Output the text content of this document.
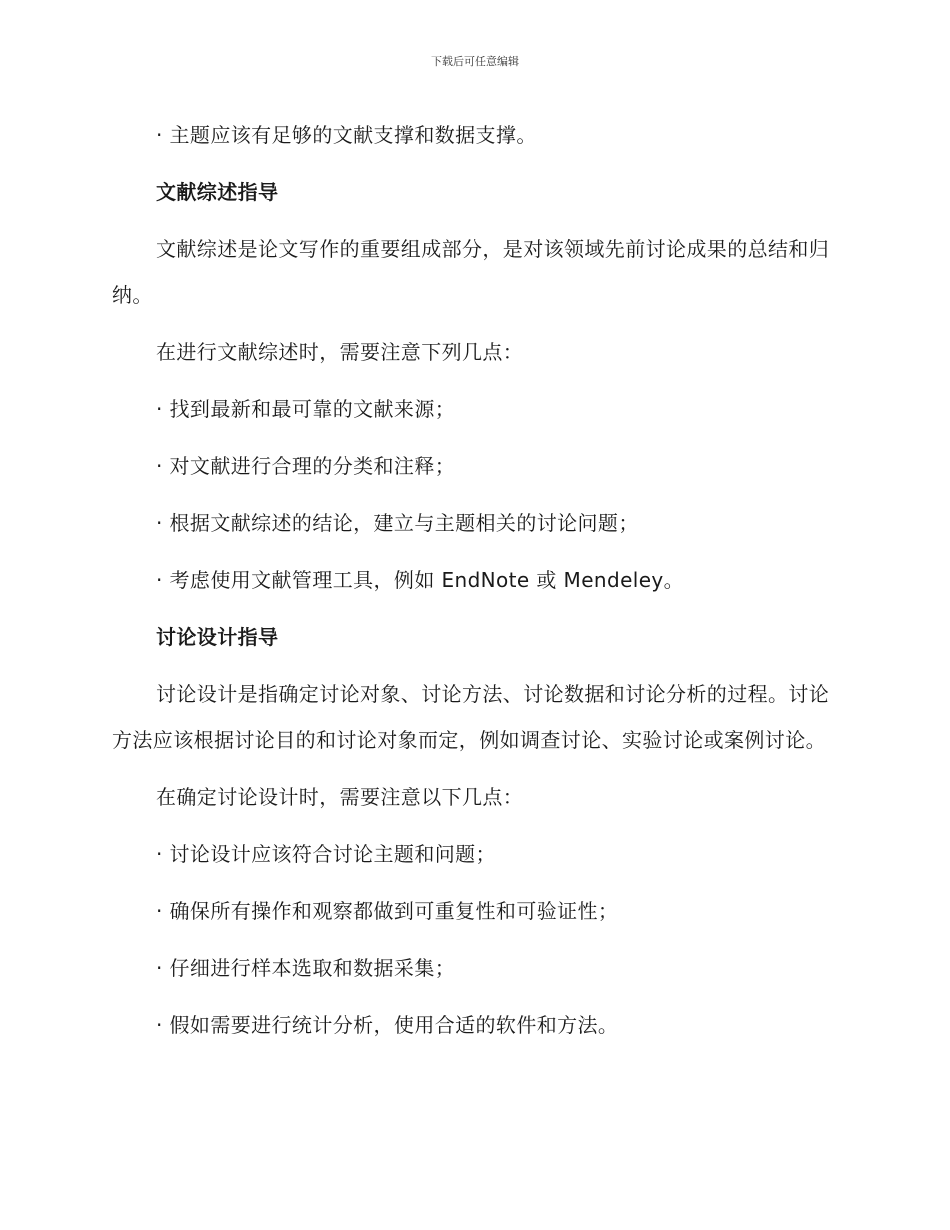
下载后可任意编辑
· 主题应该有足够的文献支撑和数据支撑。
文献综述指导
文献综述是论文写作的重要组成部分，是对该领域先前讨论成果的总结和归纳。
在进行文献综述时，需要注意下列几点：
· 找到最新和最可靠的文献来源；
· 对文献进行合理的分类和注释；
· 根据文献综述的结论，建立与主题相关的讨论问题；
· 考虑使用文献管理工具，例如 EndNote 或 Mendeley。
讨论设计指导
讨论设计是指确定讨论对象、讨论方法、讨论数据和讨论分析的过程。讨论方法应该根据讨论目的和讨论对象而定，例如调查讨论、实验讨论或案例讨论。
在确定讨论设计时，需要注意以下几点：
· 讨论设计应该符合讨论主题和问题；
· 确保所有操作和观察都做到可重复性和可验证性；
· 仔细进行样本选取和数据采集；
· 假如需要进行统计分析，使用合适的软件和方法。
